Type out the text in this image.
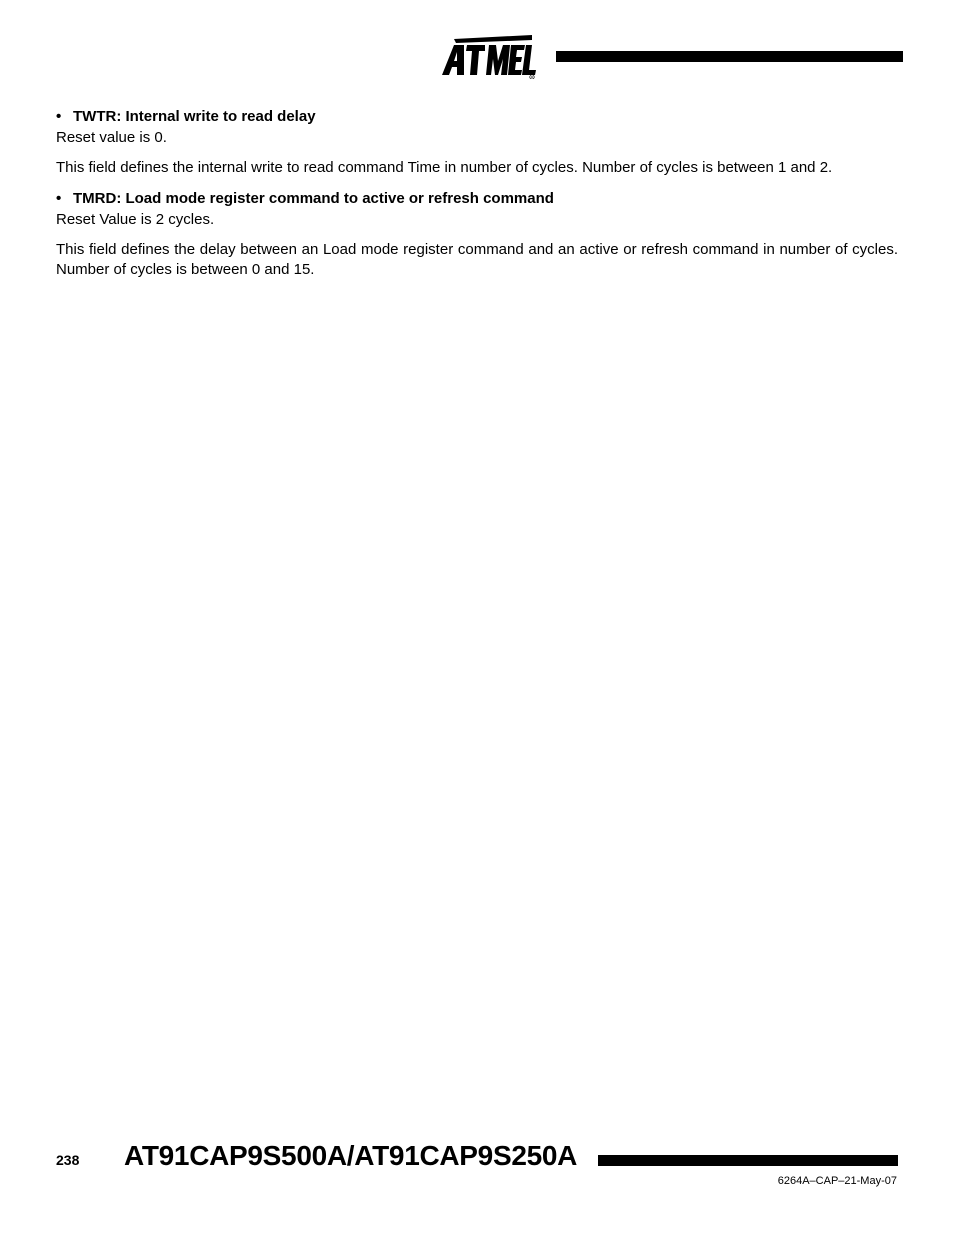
R

• TWTR: Internal write to read delay

Reset value is 0.

This field defines the internal write to read command Time in number of cycles. Number of cycles is between 1 and 2.

• TMRD: Load mode register command to active or refresh command

Reset Value is 2 cycles.

This field defines the delay between an Load mode register command and an active or refresh command in number of cycles. Number of cycles is between 0 and 15.

238 AT91CAP9S500A/AT91CAP9S250A
6264A–CAP–21-May-07
